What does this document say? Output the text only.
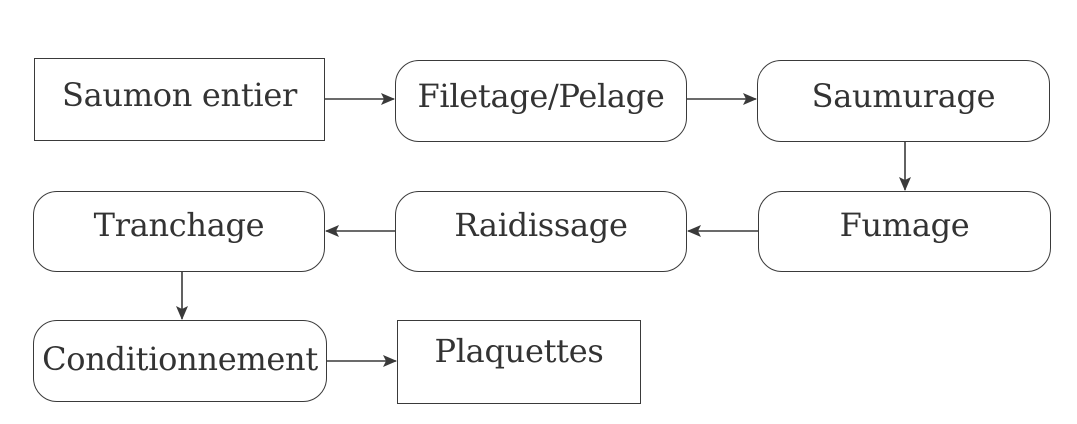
Saumon entier	Filetage/Pelage	Saumurage
Fumage
Raidissage
Tranchage
Conditionnement	Plaquettes
